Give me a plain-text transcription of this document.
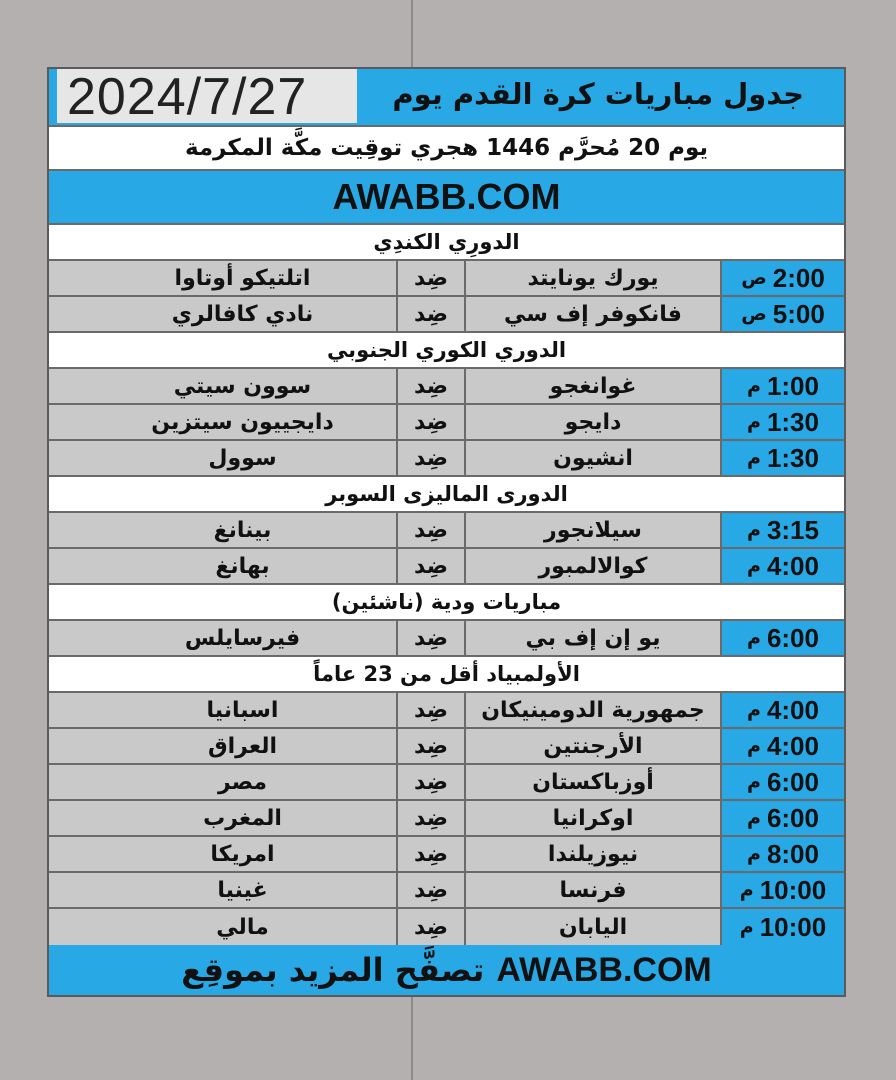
جدول مباريات كرة القدم يوم
2024/7/27
يوم 20 مُحرَّم 1446 هجري توقِيت مكَّة المكرمة
AWABB.COM
الدورِي الكندِي
2:00
ص
يورك يونايتد
ضِد
اتلتيكو أوتاوا
5:00
ص
فانكوفر إف سي
ضِد
نادي كافالري
الدوري الكوري الجنوبي
1:00
م
غوانغجو
ضِد
سوون سيتي
1:30
م
دايجو
ضِد
دايجييون سيتزين
1:30
م
انشيون
ضِد
سوول
الدورى الماليزى السوبر
3:15
م
سيلانجور
ضِد
بينانغ
4:00
م
كوالالمبور
ضِد
بهانغ
مباريات ودية (ناشئين)
6:00
م
يو إن إف بي
ضِد
فيرسايلس
الأولمبياد أقل من 23 عاماً
4:00
م
جمهورية الدومينيكان
ضِد
اسبانيا
4:00
م
الأرجنتين
ضِد
العراق
6:00
م
أوزباكستان
ضِد
مصر
6:00
م
اوكرانيا
ضِد
المغرب
8:00
م
نيوزيلندا
ضِد
امريكا
10:00
م
فرنسا
ضِد
غينيا
10:00
م
اليابان
ضِد
مالي
تصفَّح المزيد بموقِع AWABB.COM
